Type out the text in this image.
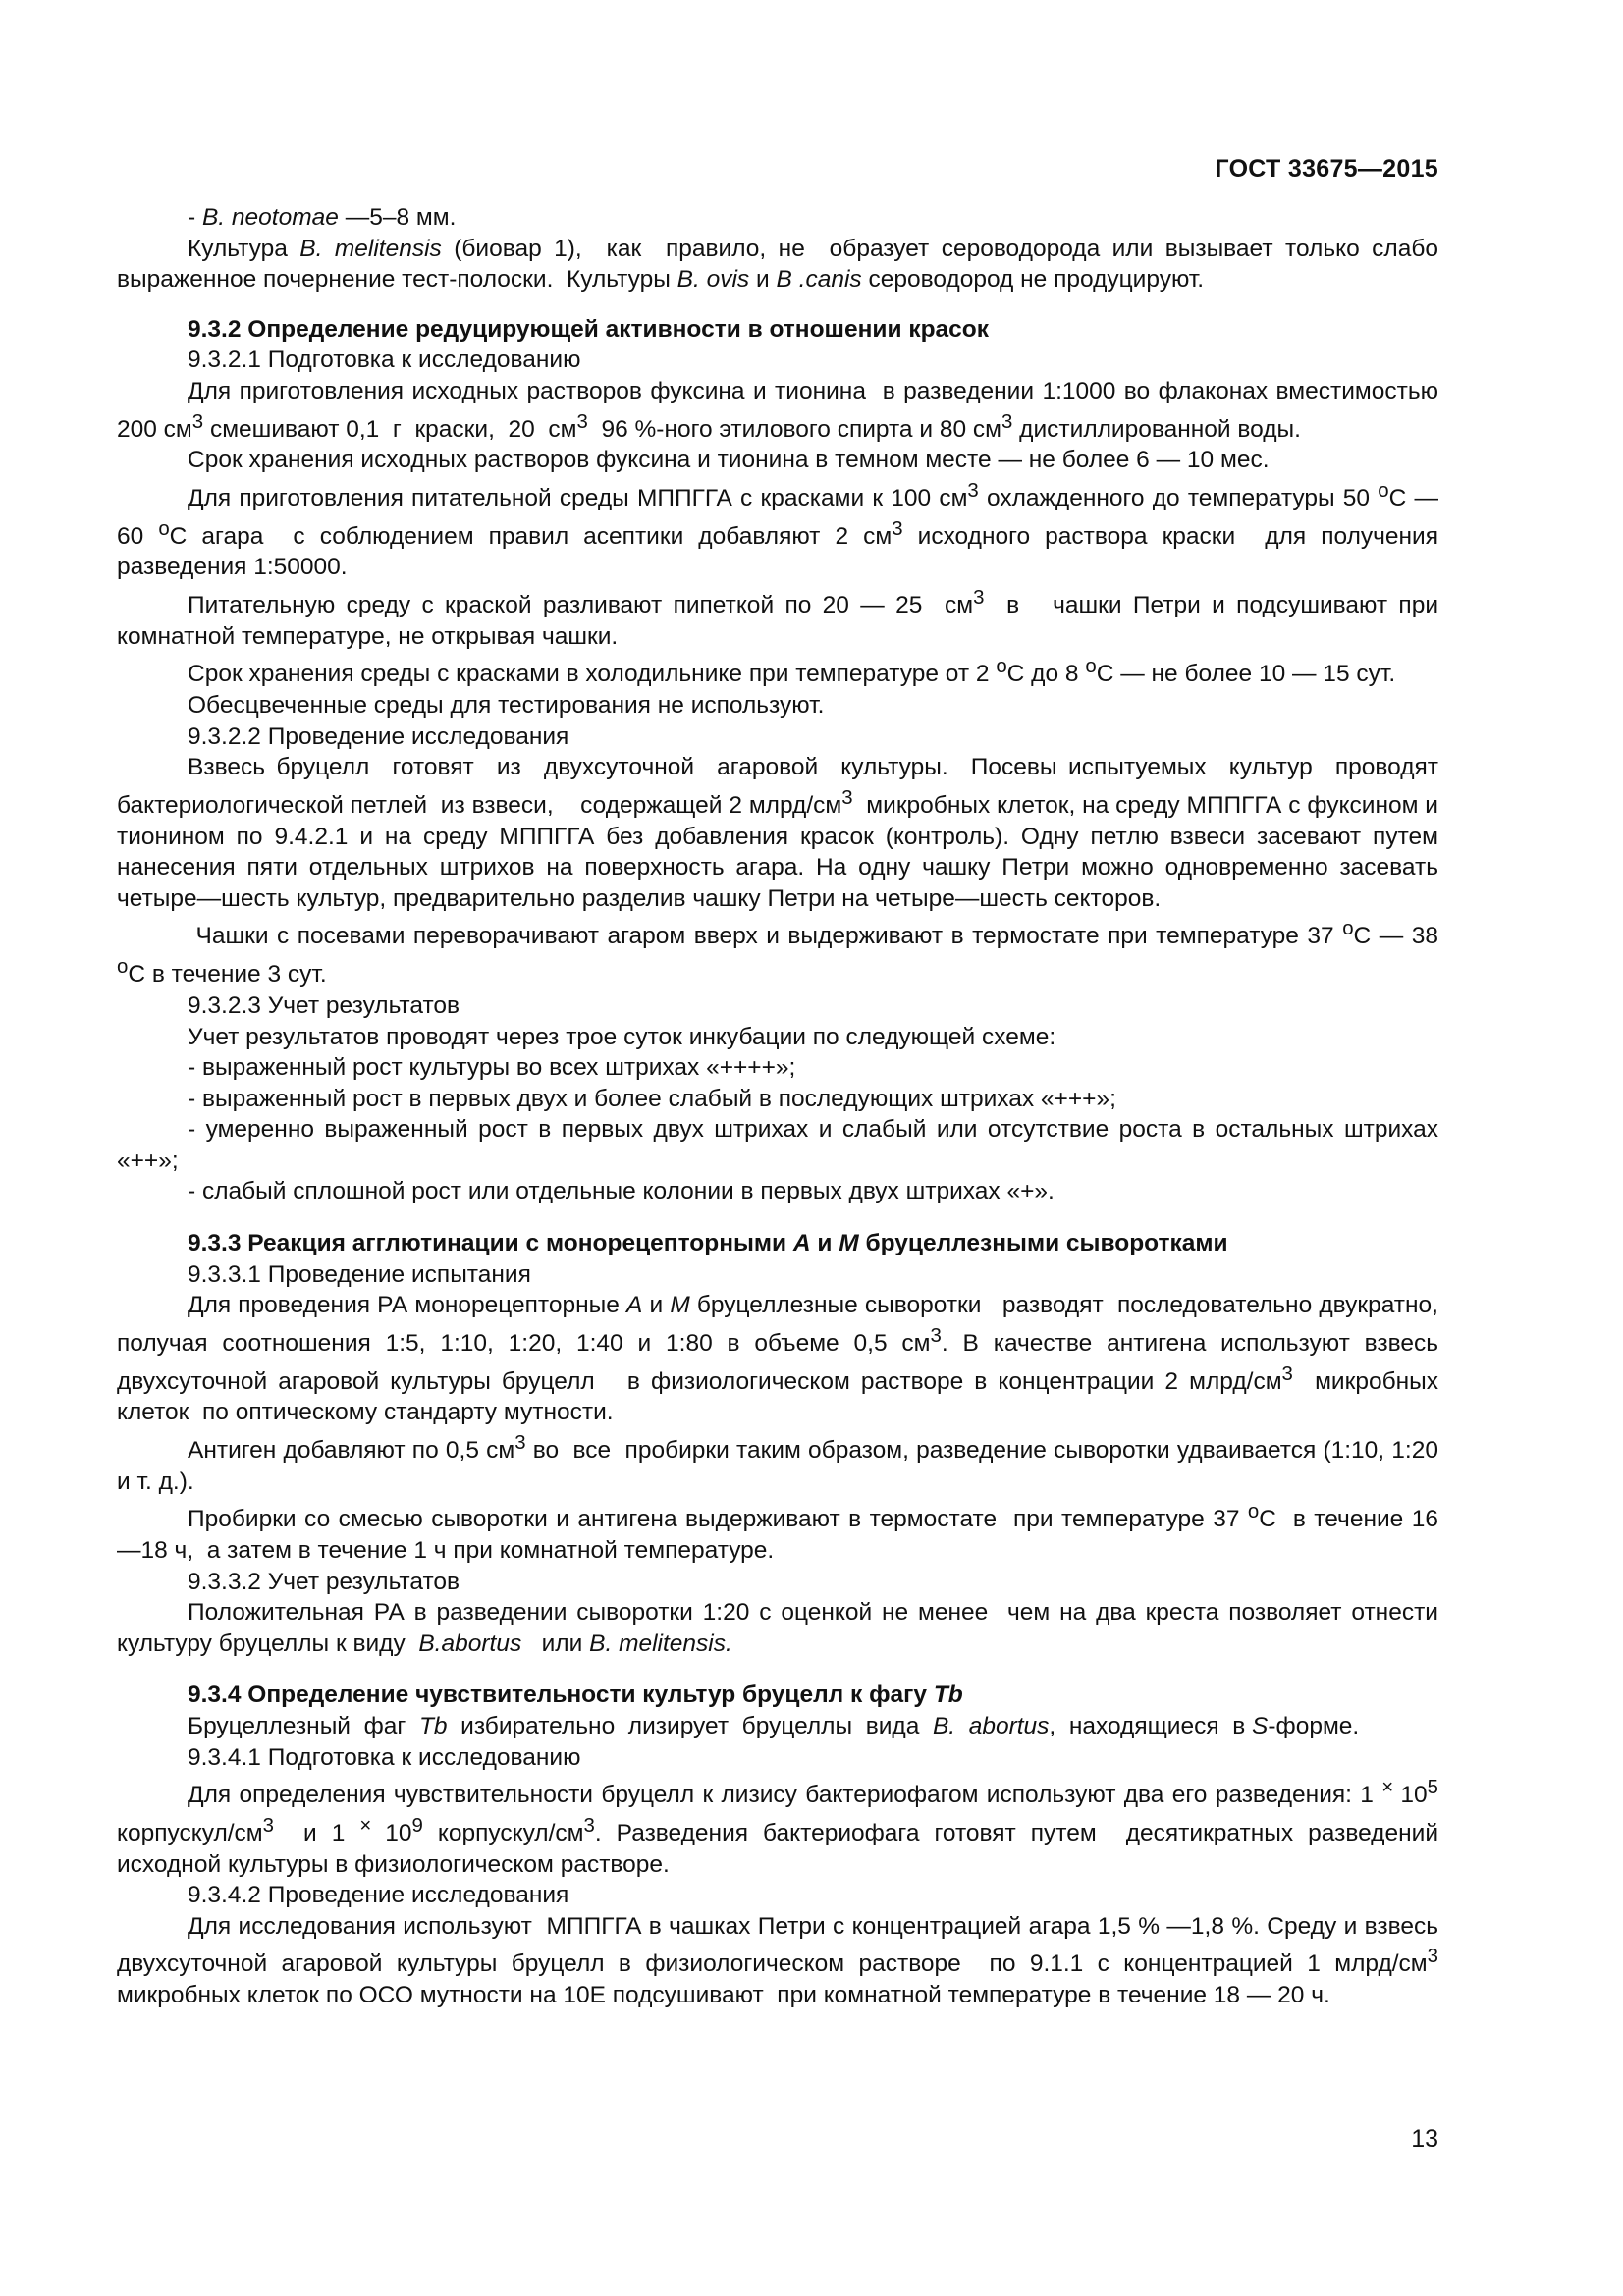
ГОСТ 33675—2015

- B. neotomae —5–8 мм.

Культура B. melitensis (биовар 1),  как  правило, не  образует сероводорода или вызывает только слабо выраженное почернение тест-полоски.  Культуры B. ovis и B .canis сероводород не продуцируют.

9.3.2 Определение редуцирующей активности в отношении красок

9.3.2.1 Подготовка к исследованию

Для приготовления исходных растворов фуксина и тионина  в разведении 1:1000 во флаконах вместимостью 200 $см^3$ смешивают 0,1  г  краски,  20  $см^3$  96 %-ного этилового спирта и 80 $см^3$ дистиллированной воды.

Срок хранения исходных растворов фуксина и тионина в темном месте — не более 6 — 10 мес.

Для приготовления питательной среды МППГГА с красками к 100 $см^3$ охлажденного до температуры 50 $^o$С — 60 $^o$С агара  с соблюдением правил асептики добавляют 2 $см^3$ исходного раствора краски  для получения разведения 1:50000.

Питательную среду с краской разливают пипеткой по 20 — 25  $см^3$  в   чашки Петри и подсушивают при комнатной температуре, не открывая чашки.

Срок хранения среды с красками в холодильнике при температуре от 2 $^o$С до 8 $^o$С — не более 10 — 15 сут.

Обесцвеченные среды для тестирования не используют.

9.3.2.2 Проведение исследования

Взвесь бруцелл  готовят  из  двухсуточной  агаровой  культуры.  Посевы испытуемых  культур  проводят  бактериологической петлей  из взвеси,    содержащей 2 млрд/$см^3$  микробных клеток, на среду МППГГА с фуксином и тионином по 9.4.2.1 и на среду МППГГА без добавления красок (контроль). Одну петлю взвеси засевают путем нанесения пяти отдельных штрихов на поверхность агара. На одну чашку Петри можно одновременно засевать  четыре—шесть культур, предварительно разделив чашку Петри на четыре—шесть секторов.

Чашки с посевами переворачивают агаром вверх и выдерживают в термостате при температуре 37 $^o$С — 38 $^o$С в течение 3 сут.

9.3.2.3 Учет результатов

Учет результатов проводят через трое суток инкубации по следующей схеме:

- выраженный рост культуры во всех штрихах «++++»;

- выраженный рост в первых двух и более слабый в последующих штрихах «+++»;

- умеренно выраженный рост в первых двух штрихах и слабый или отсутствие роста в остальных штрихах «++»;

- слабый сплошной рост или отдельные колонии в первых двух штрихах «+».

9.3.3 Реакция агглютинации с монорецепторными А и М бруцеллезными сыворотками

9.3.3.1 Проведение испытания

Для проведения РА монорецепторные А и М бруцеллезные сыворотки   разводят  последовательно двукратно, получая соотношения 1:5, 1:10, 1:20, 1:40 и 1:80 в объеме 0,5 $см^3$. В качестве антигена используют взвесь двухсуточной агаровой культуры бруцелл   в физиологическом растворе в концентрации 2 млрд/$см^3$  микробных клеток  по оптическому стандарту мутности.

Антиген добавляют по 0,5 $см^3$ во  все  пробирки таким образом, разведение сыворотки удваивается (1:10, 1:20 и т. д.).

Пробирки со смесью сыворотки и антигена выдерживают в термостате  при температуре 37 $^o$С  в течение 16 —18 ч,  а затем в течение 1 ч при комнатной температуре.

9.3.3.2 Учет результатов

Положительная РА в разведении сыворотки 1:20 с оценкой не менее  чем на два креста позволяет отнести культуру бруцеллы к виду  B.abortus   или B. melitensis.

9.3.4 Определение чувствительности культур бруцелл к фагу Tb

Бруцеллезный  фаг  Tb  избирательно  лизирует  бруцеллы  вида  B.  abortus,  находящиеся  в S-форме.

9.3.4.1 Подготовка к исследованию

Для определения чувствительности бруцелл к лизису бактериофагом используют два его разведения: 1 × $10^5$ корпускул/$см^3$  и 1 × $10^9$ корпускул/$см^3$. Разведения бактериофага готовят путем  десятикратных разведений исходной культуры в физиологическом растворе.

9.3.4.2 Проведение исследования

Для исследования используют  МППГГА в чашках Петри с концентрацией агара 1,5 % —1,8 %. Среду и взвесь двухсуточной агаровой культуры бруцелл в физиологическом растворе  по 9.1.1 с концентрацией 1 млрд/$см^3$ микробных клеток по ОСО мутности на 10Е подсушивают  при комнатной температуре в течение 18 — 20 ч.

13
